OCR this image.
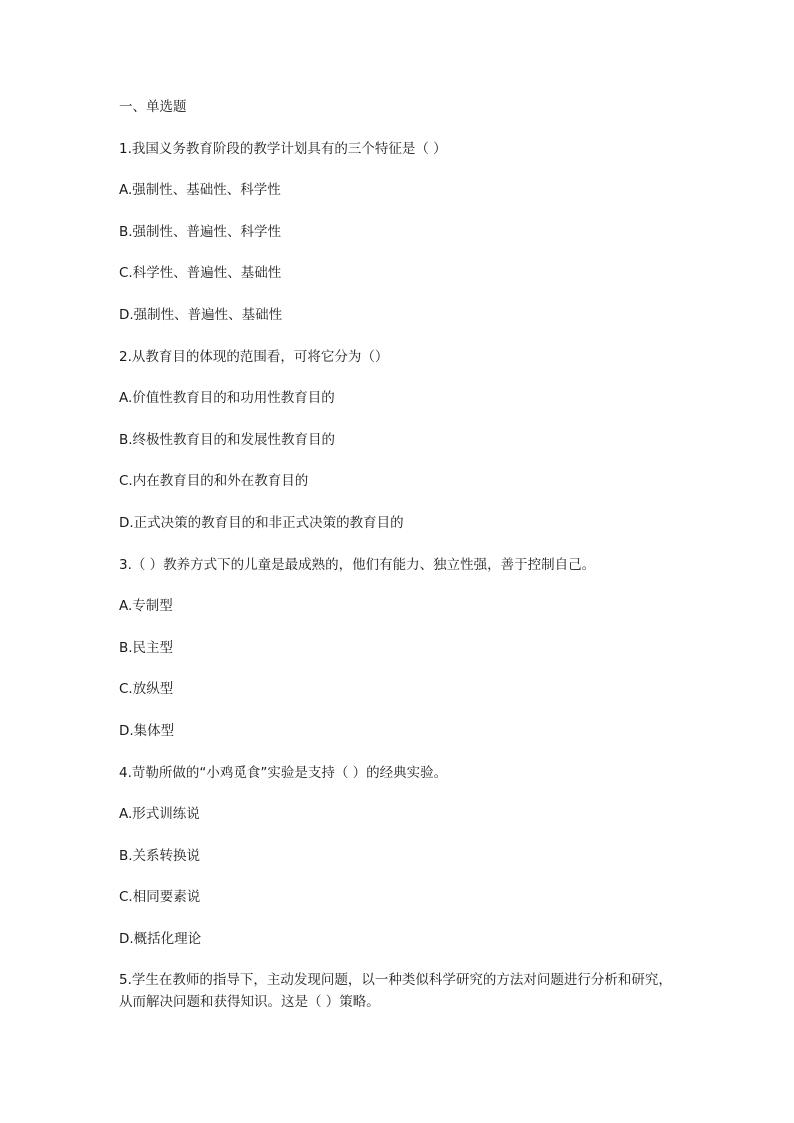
一、单选题
1.我国义务教育阶段的教学计划具有的三个特征是（ ）
A.强制性、基础性、科学性
B.强制性、普遍性、科学性
C.科学性、普遍性、基础性
D.强制性、普遍性、基础性
2.从教育目的体现的范围看，可将它分为（）
A.价值性教育目的和功用性教育目的
B.终极性教育目的和发展性教育目的
C.内在教育目的和外在教育目的
D.正式决策的教育目的和非正式决策的教育目的
3.（ ）教养方式下的儿童是最成熟的，他们有能力、独立性强，善于控制自己。
A.专制型
B.民主型
C.放纵型
D.集体型
4.苛勒所做的“小鸡觅食”实验是支持（ ）的经典实验。
A.形式训练说
B.关系转换说
C.相同要素说
D.概括化理论
5.学生在教师的指导下，主动发现问题，以一种类似科学研究的方法对问题进行分析和研究，从而解决问题和获得知识。这是（ ）策略。
